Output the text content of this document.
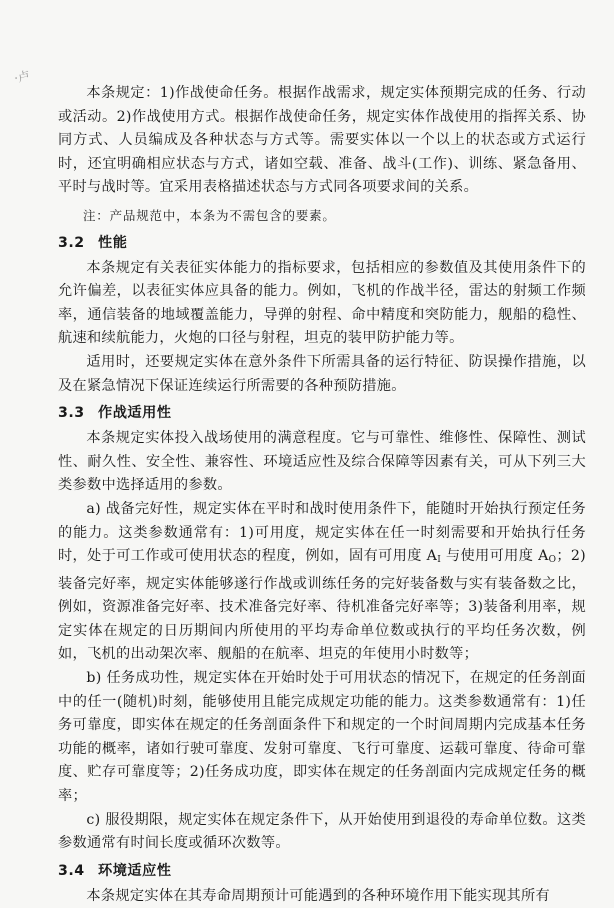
·卢

本条规定：1)作战使命任务。根据作战需求，规定实体预期完成的任务、行动或活动。2)作战使用方式。根据作战使命任务，规定实体作战使用的指挥关系、协同方式、人员编成及各种状态与方式等。需要实体以一个以上的状态或方式运行时，还宜明确相应状态与方式，诸如空载、准备、战斗(工作)、训练、紧急备用、平时与战时等。宜采用表格描述状态与方式同各项要求间的关系。

注：产品规范中，本条为不需包含的要素。

3.2 性能

本条规定有关表征实体能力的指标要求，包括相应的参数值及其使用条件下的允许偏差，以表征实体应具备的能力。例如，飞机的作战半径，雷达的射频工作频率，通信装备的地域覆盖能力，导弹的射程、命中精度和突防能力，舰船的稳性、航速和续航能力，火炮的口径与射程，坦克的装甲防护能力等。

适用时，还要规定实体在意外条件下所需具备的运行特征、防误操作措施，以及在紧急情况下保证连续运行所需要的各种预防措施。

3.3 作战适用性

本条规定实体投入战场使用的满意程度。它与可靠性、维修性、保障性、测试性、耐久性、安全性、兼容性、环境适应性及综合保障等因素有关，可从下列三大类参数中选择适用的参数。

a) 战备完好性，规定实体在平时和战时使用条件下，能随时开始执行预定任务的能力。这类参数通常有：1)可用度，规定实体在任一时刻需要和开始执行任务时，处于可工作或可使用状态的程度，例如，固有可用度 $A_I$ 与使用可用度 $A_O$；2)装备完好率，规定实体能够遂行作战或训练任务的完好装备数与实有装备数之比，例如，资源准备完好率、技术准备完好率、待机准备完好率等；3)装备利用率，规定实体在规定的日历期间内所使用的平均寿命单位数或执行的平均任务次数，例如，飞机的出动架次率、舰船的在航率、坦克的年使用小时数等；

b) 任务成功性，规定实体在开始时处于可用状态的情况下，在规定的任务剖面中的任一(随机)时刻，能够使用且能完成规定功能的能力。这类参数通常有：1)任务可靠度，即实体在规定的任务剖面条件下和规定的一个时间周期内完成基本任务功能的概率，诸如行驶可靠度、发射可靠度、飞行可靠度、运载可靠度、待命可靠度、贮存可靠度等；2)任务成功度，即实体在规定的任务剖面内完成规定任务的概率；

c) 服役期限，规定实体在规定条件下，从开始使用到退役的寿命单位数。这类参数通常有时间长度或循环次数等。

3.4 环境适应性

本条规定实体在其寿命周期预计可能遇到的各种环境作用下能实现其所有
